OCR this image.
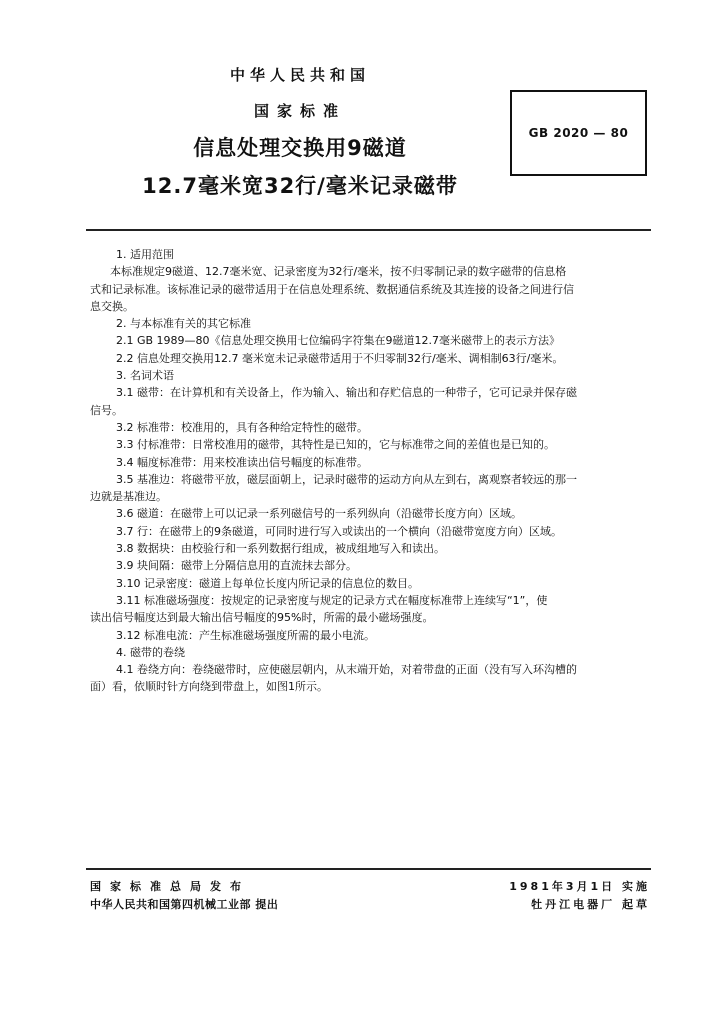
中华人民共和国
国家标准
信息处理交换用9磁道
12.7毫米宽32行/毫米记录磁带
GB 2020 — 80

1. 适用范围

本标准规定9磁道、12.7毫米宽、记录密度为32行/毫米，按不归零制记录的数字磁带的信息格

式和记录标准。该标准记录的磁带适用于在信息处理系统、数据通信系统及其连接的设备之间进行信

息交换。

2. 与本标准有关的其它标准

2.1 GB 1989—80《信息处理交换用七位编码字符集在9磁道12.7毫米磁带上的表示方法》

2.2 信息处理交换用12.7 毫米宽未记录磁带适用于不归零制32行/毫米、调相制63行/毫米。

3. 名词术语

3.1 磁带：在计算机和有关设备上，作为输入、输出和存贮信息的一种带子，它可记录并保存磁

信号。

3.2 标准带：校准用的，具有各种给定特性的磁带。

3.3 付标准带：日常校准用的磁带，其特性是已知的，它与标准带之间的差值也是已知的。

3.4 幅度标准带：用来校准读出信号幅度的标准带。

3.5 基准边：将磁带平放，磁层面朝上，记录时磁带的运动方向从左到右，离观察者较远的那一

边就是基准边。

3.6 磁道：在磁带上可以记录一系列磁信号的一系列纵向（沿磁带长度方向）区域。

3.7 行：在磁带上的9条磁道，可同时进行写入或读出的一个横向（沿磁带宽度方向）区域。

3.8 数据块：由校验行和一系列数据行组成，被成组地写入和读出。

3.9 块间隔：磁带上分隔信息用的直流抹去部分。

3.10 记录密度：磁道上每单位长度内所记录的信息位的数目。

3.11 标准磁场强度：按规定的记录密度与规定的记录方式在幅度标准带上连续写“1”，使

读出信号幅度达到最大输出信号幅度的95%时，所需的最小磁场强度。

3.12 标准电流：产生标准磁场强度所需的最小电流。

4. 磁带的卷绕

4.1 卷绕方向：卷绕磁带时，应使磁层朝内，从末端开始，对着带盘的正面（没有写入环沟槽的

面）看，依顺时针方向绕到带盘上，如图1所示。

国家标准总局发布
中华人民共和国第四机械工业部 提出
1981年3月1日 实施
牡丹江电器厂 起草
